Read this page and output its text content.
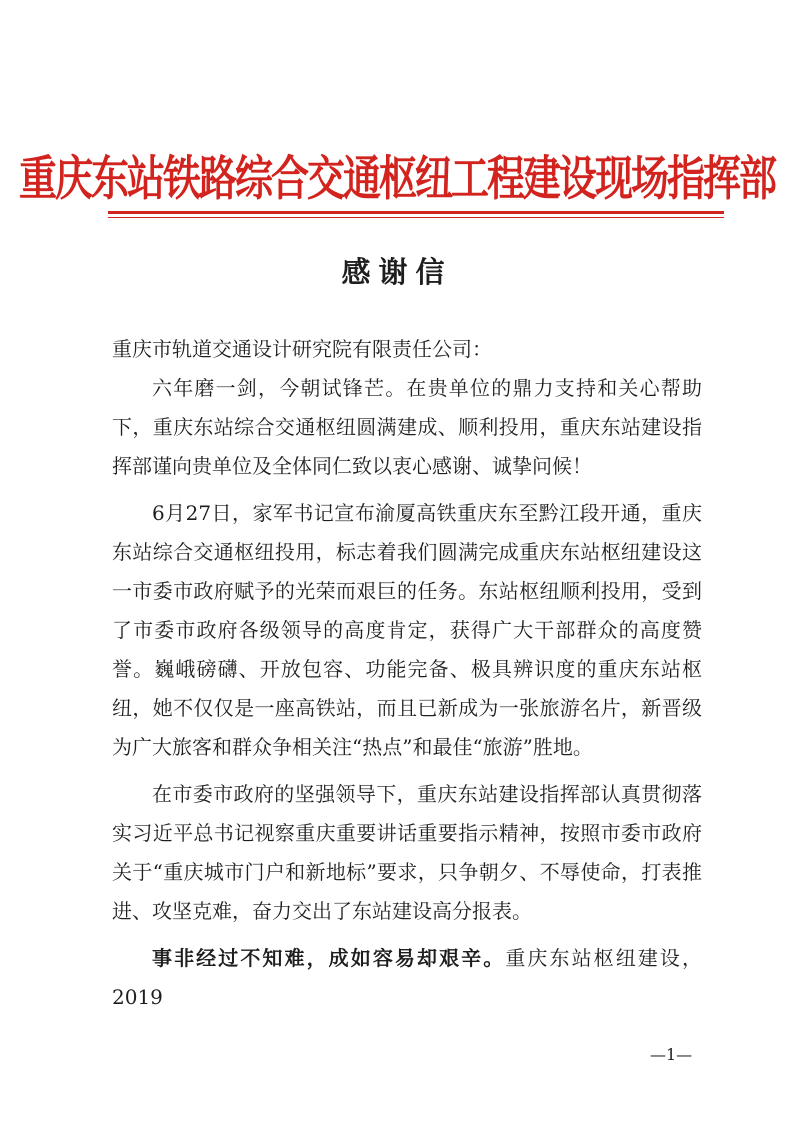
重庆东站铁路综合交通枢纽工程建设现场指挥部
感谢信

重庆市轨道交通设计研究院有限责任公司：

六年磨一剑，今朝试锋芒。在贵单位的鼎力支持和关心帮助下，重庆东站综合交通枢纽圆满建成、顺利投用，重庆东站建设指挥部谨向贵单位及全体同仁致以衷心感谢、诚挚问候！

6月27日，家军书记宣布渝厦高铁重庆东至黔江段开通，重庆东站综合交通枢纽投用，标志着我们圆满完成重庆东站枢纽建设这一市委市政府赋予的光荣而艰巨的任务。东站枢纽顺利投用，受到了市委市政府各级领导的高度肯定，获得广大干部群众的高度赞誉。巍峨磅礴、开放包容、功能完备、极具辨识度的重庆东站枢纽，她不仅仅是一座高铁站，而且已新成为一张旅游名片，新晋级为广大旅客和群众争相关注“热点”和最佳“旅游”胜地。

在市委市政府的坚强领导下，重庆东站建设指挥部认真贯彻落实习近平总书记视察重庆重要讲话重要指示精神，按照市委市政府关于“重庆城市门户和新地标”要求，只争朝夕、不辱使命，打表推进、攻坚克难，奋力交出了东站建设高分报表。

事非经过不知难，成如容易却艰辛。重庆东站枢纽建设，2019

—1—
